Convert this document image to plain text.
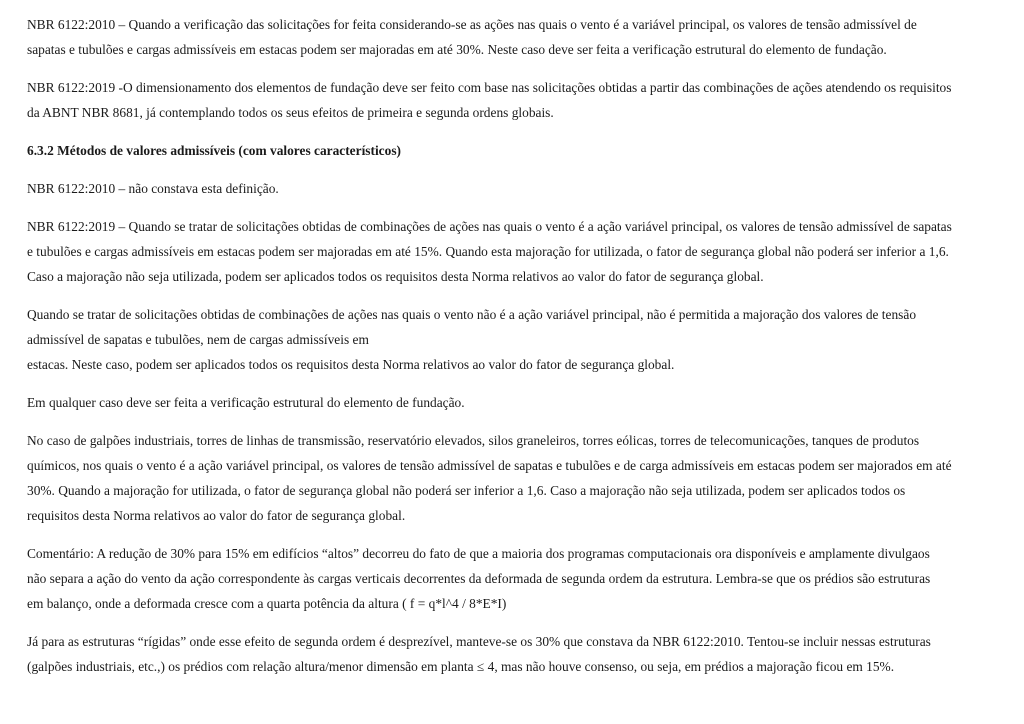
NBR 6122:2010 – Quando a verificação das solicitações for feita considerando-se as ações nas quais o vento é a variável principal, os valores de tensão admissível de
sapatas e tubulões e cargas admissíveis em estacas podem ser majoradas em até 30%. Neste caso deve ser feita a verificação estrutural do elemento de fundação.

NBR 6122:2019 -O dimensionamento dos elementos de fundação deve ser feito com base nas solicitações obtidas a partir das combinações de ações atendendo os requisitos
da ABNT NBR 8681, já contemplando todos os seus efeitos de primeira e segunda ordens globais.

6.3.2 Métodos de valores admissíveis (com valores característicos)

NBR 6122:2010 – não constava esta definição.

NBR 6122:2019 – Quando se tratar de solicitações obtidas de combinações de ações nas quais o vento é a ação variável principal, os valores de tensão admissível de sapatas
e tubulões e cargas admissíveis em estacas podem ser majoradas em até 15%. Quando esta majoração for utilizada, o fator de segurança global não poderá ser inferior a 1,6.
Caso a majoração não seja utilizada, podem ser aplicados todos os requisitos desta Norma relativos ao valor do fator de segurança global.

Quando se tratar de solicitações obtidas de combinações de ações nas quais o vento não é a ação variável principal, não é permitida a majoração dos valores de tensão
admissível de sapatas e tubulões, nem de cargas admissíveis em
estacas. Neste caso, podem ser aplicados todos os requisitos desta Norma relativos ao valor do fator de segurança global.

Em qualquer caso deve ser feita a verificação estrutural do elemento de fundação.

No caso de galpões industriais, torres de linhas de transmissão, reservatório elevados, silos graneleiros, torres eólicas, torres de telecomunicações, tanques de produtos
químicos, nos quais o vento é a ação variável principal, os valores de tensão admissível de sapatas e tubulões e de carga admissíveis em estacas podem ser majorados em até
30%. Quando a majoração for utilizada, o fator de segurança global não poderá ser inferior a 1,6. Caso a majoração não seja utilizada, podem ser aplicados todos os
requisitos desta Norma relativos ao valor do fator de segurança global.

Comentário: A redução de 30% para 15% em edifícios “altos” decorreu do fato de que a maioria dos programas computacionais ora disponíveis e amplamente divulgaos
não separa a ação do vento da ação correspondente às cargas verticais decorrentes da deformada de segunda ordem da estrutura. Lembra-se que os prédios são estruturas
em balanço, onde a deformada cresce com a quarta potência da altura ( f = q*l^4 / 8*E*I)

Já para as estruturas “rígidas” onde esse efeito de segunda ordem é desprezível, manteve-se os 30% que constava da NBR 6122:2010. Tentou-se incluir nessas estruturas
(galpões industriais, etc.,) os prédios com relação altura/menor dimensão em planta ≤ 4, mas não houve consenso, ou seja, em prédios a majoração ficou em 15%.
